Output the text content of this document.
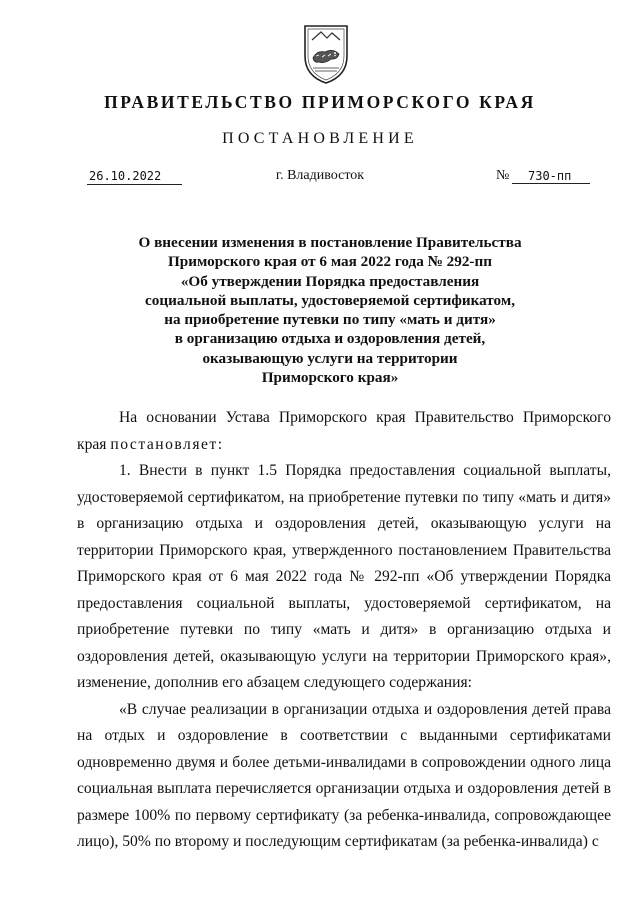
ПРАВИТЕЛЬСТВО ПРИМОРСКОГО КРАЯ
ПОСТАНОВЛЕНИЕ
26.10.2022	г. Владивосток	№	730-пп
О внесении изменения в постановление Правительства
Приморского края от 6 мая 2022 года № 292-пп
«Об утверждении Порядка предоставления
социальной выплаты, удостоверяемой сертификатом,
на приобретение путевки по типу «мать и дитя»
в организацию отдыха и оздоровления детей,
оказывающую услуги на территории
Приморского края»

На основании Устава Приморского края Правительство Приморского края постановляет:

1. Внести в пункт 1.5 Порядка предоставления социальной выплаты, удостоверяемой сертификатом, на приобретение путевки по типу «мать и дитя» в организацию отдыха и оздоровления детей, оказывающую услуги на территории Приморского края, утвержденного постановлением Правительства Приморского края от 6 мая 2022 года № 292-пп «Об утверждении Порядка предоставления социальной выплаты, удостоверяемой сертификатом, на приобретение путевки по типу «мать и дитя» в организацию отдыха и оздоровления детей, оказывающую услуги на территории Приморского края», изменение, дополнив его абзацем следующего содержания:

«В случае реализации в организации отдыха и оздоровления детей права на отдых и оздоровление в соответствии с выданными сертификатами одновременно двумя и более детьми-инвалидами в сопровождении одного лица социальная выплата перечисляется организации отдыха и оздоровления детей в размере 100% по первому сертификату (за ребенка-инвалида, сопровождающее лицо), 50% по второму и последующим сертификатам (за ребенка-инвалида) с
